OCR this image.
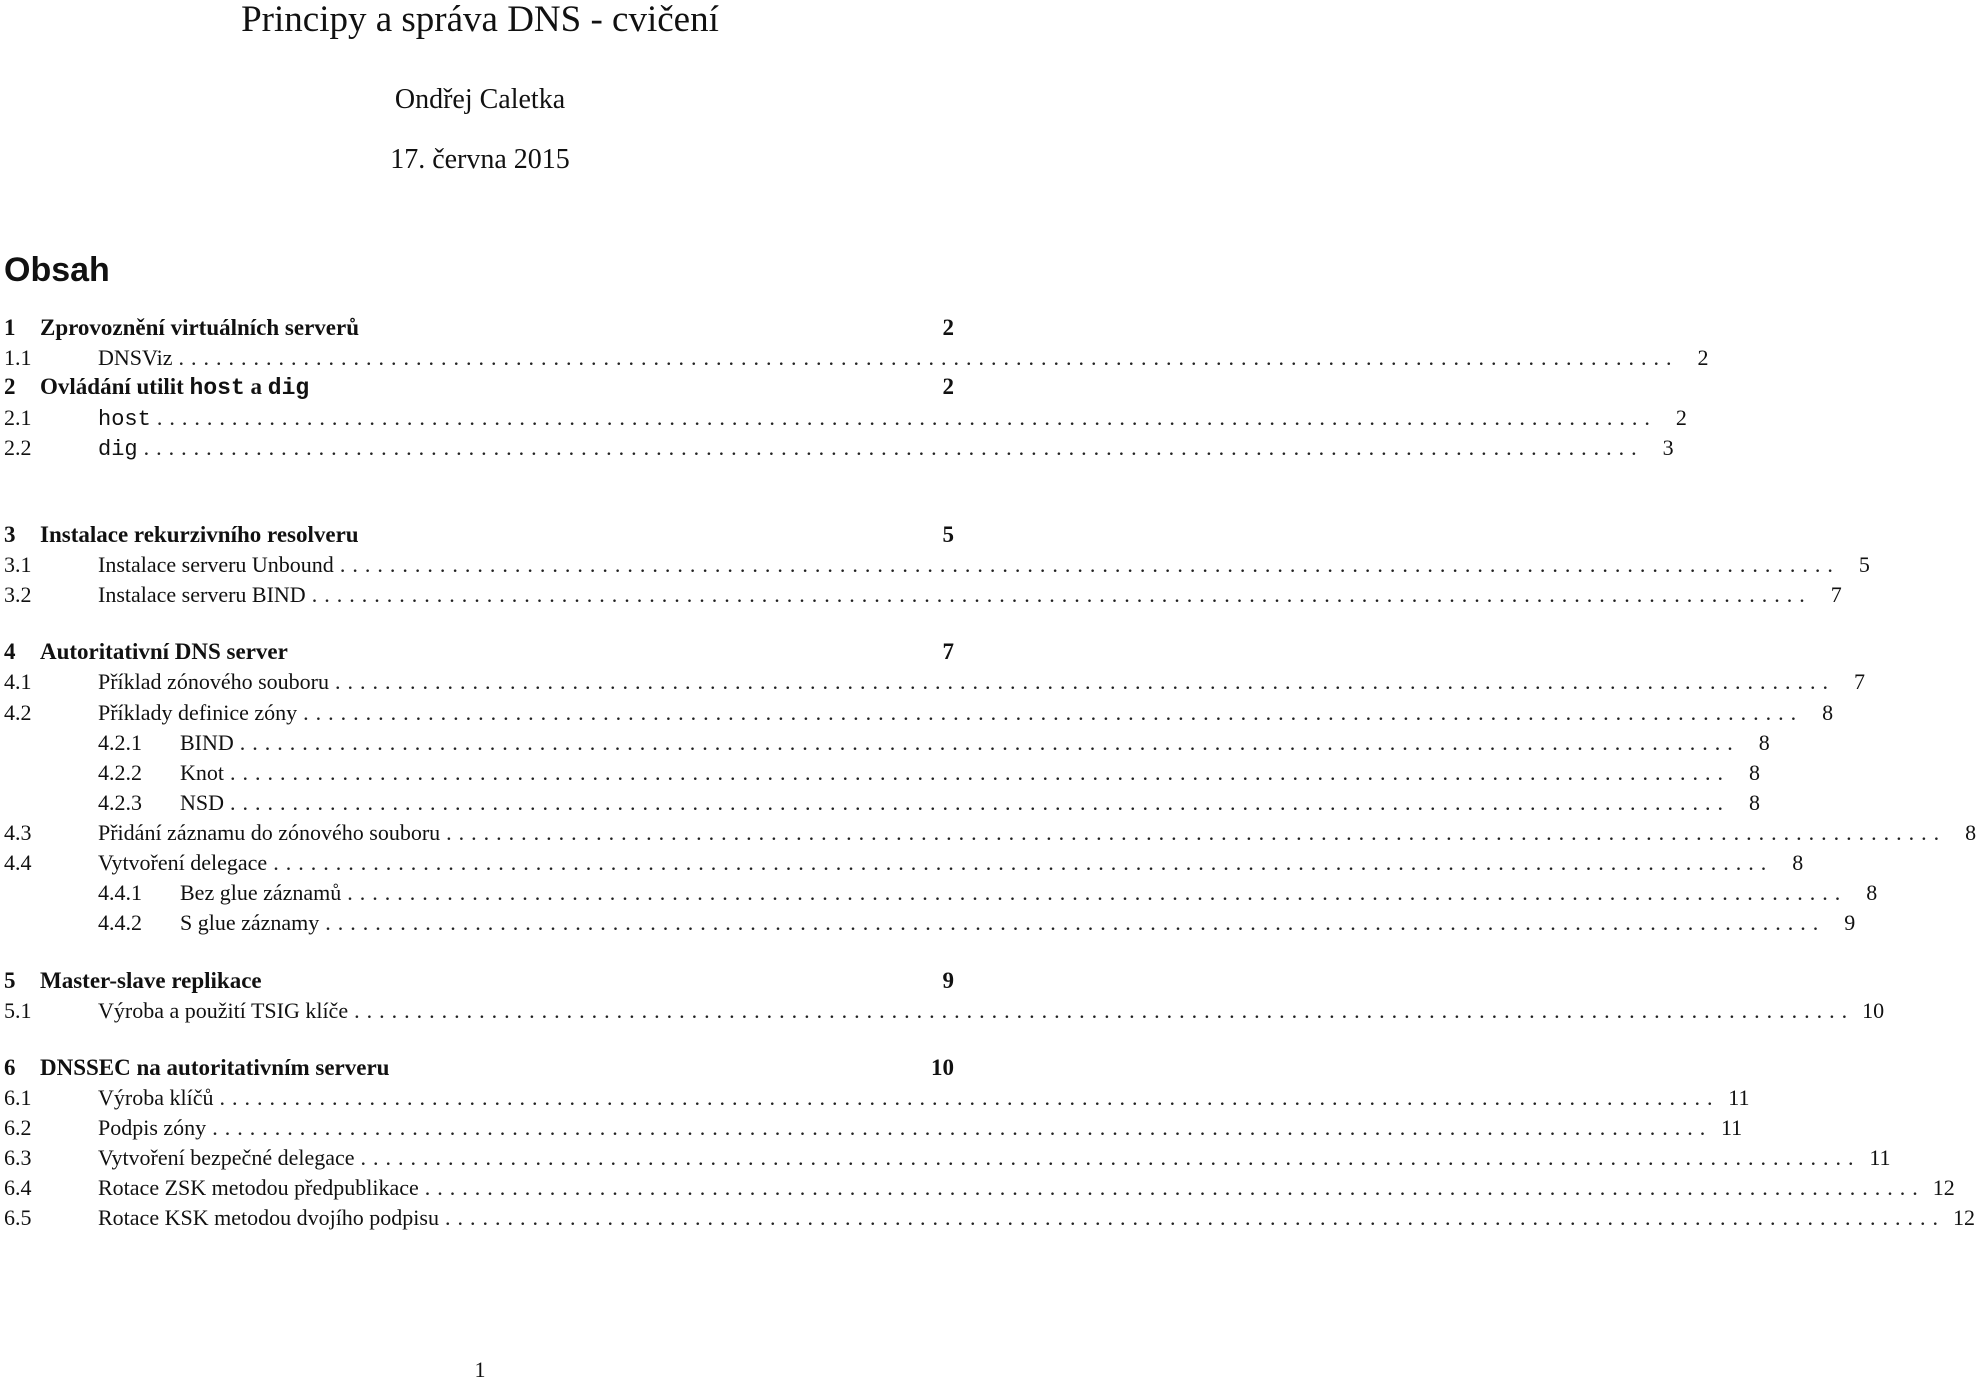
Principy a správa DNS - cvičení
Ondřej Caletka
17. června 2015
Obsah
1	Zprovoznění virtuálních serverů	2
1.1	DNSViz ........................................................................................................................ 2
2	Ovládání utilit host a dig	2
2.1	host ........................................................................................................................ 2
2.2	dig ........................................................................................................................ 3
3	Instalace rekurzivního resolveru	5
3.1	Instalace serveru Unbound ........................................................................................................................ 5
3.2	Instalace serveru BIND ........................................................................................................................ 7
4	Autoritativní DNS server	7
4.1	Příklad zónového souboru ........................................................................................................................ 7
4.2	Příklady definice zóny ........................................................................................................................ 8
4.2.1	BIND ........................................................................................................................ 8
4.2.2	Knot ........................................................................................................................ 8
4.2.3	NSD ........................................................................................................................ 8
4.3	Přidání záznamu do zónového souboru ........................................................................................................................ 8
4.4	Vytvoření delegace ........................................................................................................................ 8
4.4.1	Bez glue záznamů ........................................................................................................................ 8
4.4.2	S glue záznamy ........................................................................................................................ 9
5	Master-slave replikace	9
5.1	Výroba a použití TSIG klíče ........................................................................................................................ 10
6	DNSSEC na autoritativním serveru	10
6.1	Výroba klíčů ........................................................................................................................ 11
6.2	Podpis zóny ........................................................................................................................ 11
6.3	Vytvoření bezpečné delegace ........................................................................................................................ 11
6.4	Rotace ZSK metodou předpublikace ........................................................................................................................ 12
6.5	Rotace KSK metodou dvojího podpisu ........................................................................................................................ 12
1
